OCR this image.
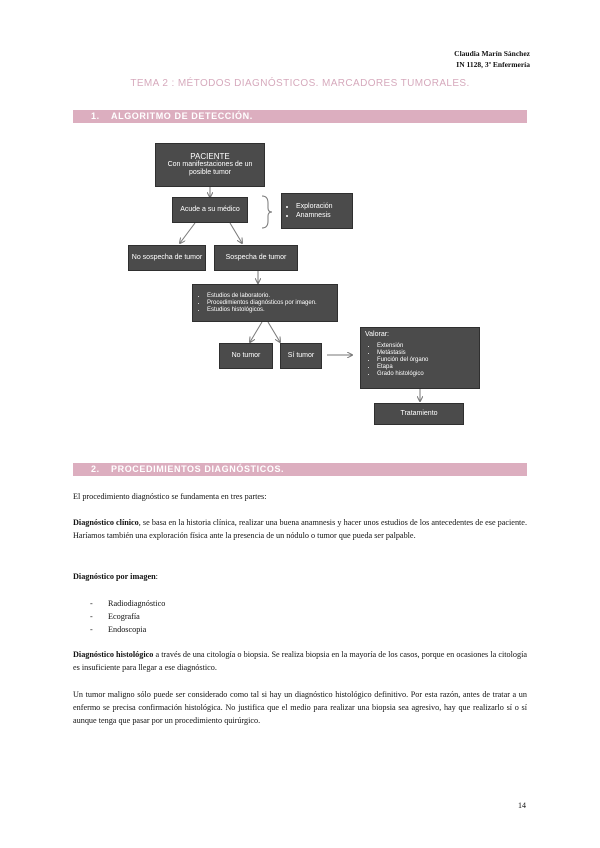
Claudia Marín Sánchez
IN 1128, 3º Enfermería
TEMA 2 : MÉTODOS DIAGNÓSTICOS. MARCADORES TUMORALES.
1. ALGORITMO DE DETECCIÓN.
PACIENTE
Con manifestaciones de un posible tumor
Acude a su médico
•	Exploración
• Anamnesis
No sospecha de tumor	Sospecha de tumor
• Estudios de laboratorio.
• Procedimientos diagnósticos por imagen.
• Estudios histológicos.
No tumor	Sí tumor
Valorar:
• Extensión
• Metástasis
• Función del órgano
• Etapa
• Grado histológico
Tratamiento
2. PROCEDIMIENTOS DIAGNÓSTICOS.
El procedimiento diagnóstico se fundamenta en tres partes:
Diagnóstico clínico, se basa en la historia clínica, realizar una buena anamnesis y hacer unos estudios de los antecedentes de ese paciente. Haríamos también una exploración física ante la presencia de un nódulo o tumor que pueda ser palpable.
Diagnóstico por imagen:
- Radiodiagnóstico
- Ecografía
- Endoscopia
Diagnóstico histológico a través de una citología o biopsia. Se realiza biopsia en la mayoría de los casos, porque en ocasiones la citología es insuficiente para llegar a ese diagnóstico.
Un tumor maligno sólo puede ser considerado como tal si hay un diagnóstico histológico definitivo. Por esta razón, antes de tratar a un enfermo se precisa confirmación histológica. No justifica que el medio para realizar una biopsia sea agresivo, hay que realizarlo sí o sí aunque tenga que pasar por un procedimiento quirúrgico.
14
